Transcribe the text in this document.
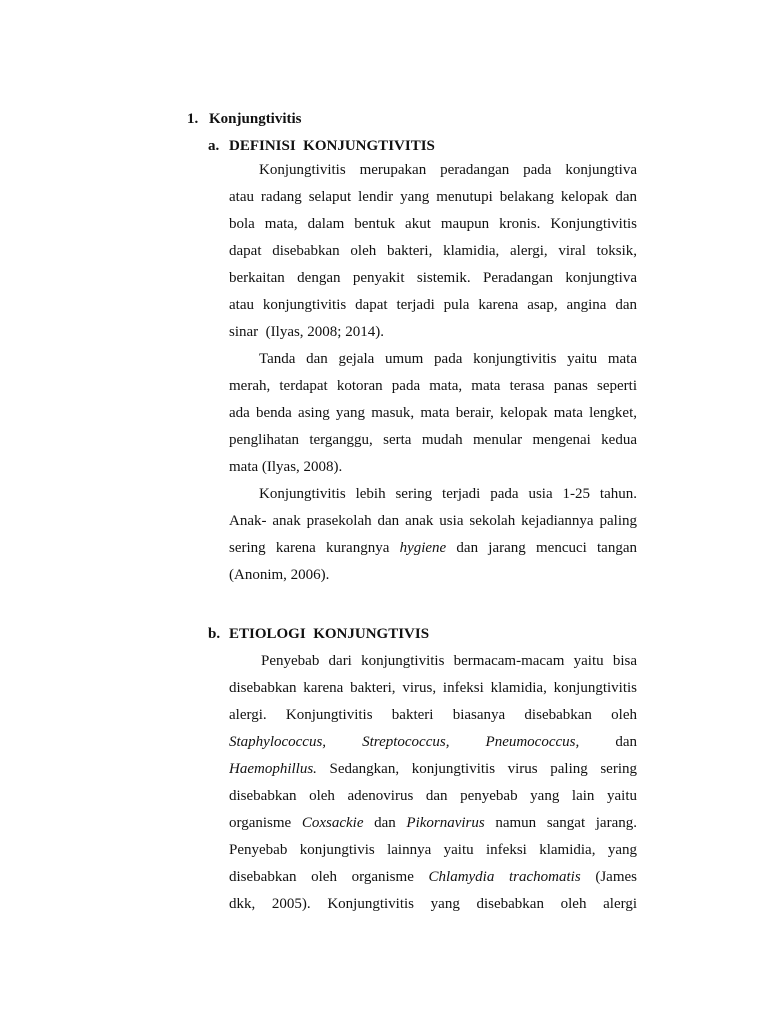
1. Konjungtivitis
a. DEFINISI  KONJUNGTIVITIS
Konjungtivitis merupakan peradangan pada konjungtiva
atau radang selaput lendir yang menutupi belakang kelopak dan
bola mata, dalam bentuk akut maupun kronis. Konjungtivitis
dapat disebabkan oleh bakteri, klamidia, alergi, viral toksik,
berkaitan dengan penyakit sistemik. Peradangan konjungtiva
atau konjungtivitis dapat terjadi pula karena asap, angina dan
sinar  (Ilyas, 2008; 2014).
Tanda dan gejala umum pada konjungtivitis yaitu mata
merah, terdapat kotoran pada mata, mata terasa panas seperti
ada benda asing yang masuk, mata berair, kelopak mata lengket,
penglihatan terganggu, serta mudah menular mengenai kedua
mata (Ilyas, 2008).
Konjungtivitis lebih sering terjadi pada usia 1-25 tahun.
Anak- anak prasekolah dan anak usia sekolah kejadiannya paling
sering karena kurangnya hygiene dan jarang mencuci tangan
(Anonim, 2006).
b. ETIOLOGI  KONJUNGTIVIS
Penyebab dari konjungtivitis bermacam-macam yaitu bisa
disebabkan karena bakteri, virus, infeksi klamidia, konjungtivitis
alergi. Konjungtivitis bakteri biasanya disebabkan oleh
Staphylococcus, Streptococcus, Pneumococcus, dan
Haemophillus. Sedangkan, konjungtivitis virus paling sering
disebabkan oleh adenovirus dan penyebab yang lain yaitu
organisme Coxsackie dan Pikornavirus namun sangat jarang.
Penyebab konjungtivis lainnya yaitu infeksi klamidia, yang
disebabkan oleh organisme Chlamydia trachomatis (James
dkk, 2005). Konjungtivitis yang disebabkan oleh alergi
